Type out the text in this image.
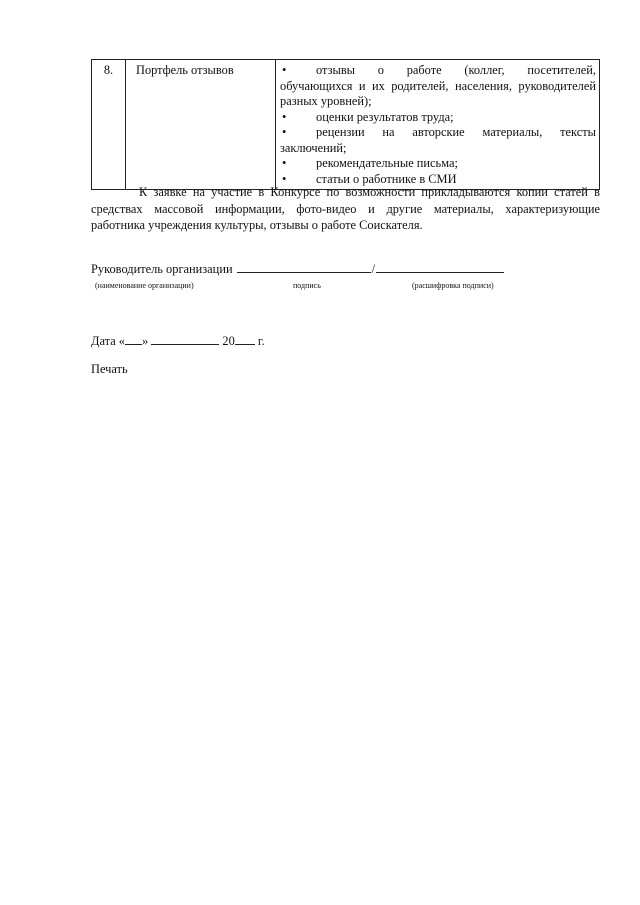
8.	Портфель отзывов	•	отзывы о работе (коллег, посетителей,
обучающихся и их родителей, населения, руководителей разных уровней);
•	оценки результатов труда;
•	рецензии на авторские материалы, тексты
заключений;
•	рекомендательные письма;
•	статьи о работнике в СМИ
К заявке на участие в Конкурсе по возможности прикладываются копии статей в
средствах массовой информации, фото-видео и другие материалы, характеризующие
работника учреждения культуры, отзывы о работе Соискателя.
Руководитель организации	/
(наименование организации)	подпись	(расшифровка подписи)
Дата « »	20 г.
Печать
